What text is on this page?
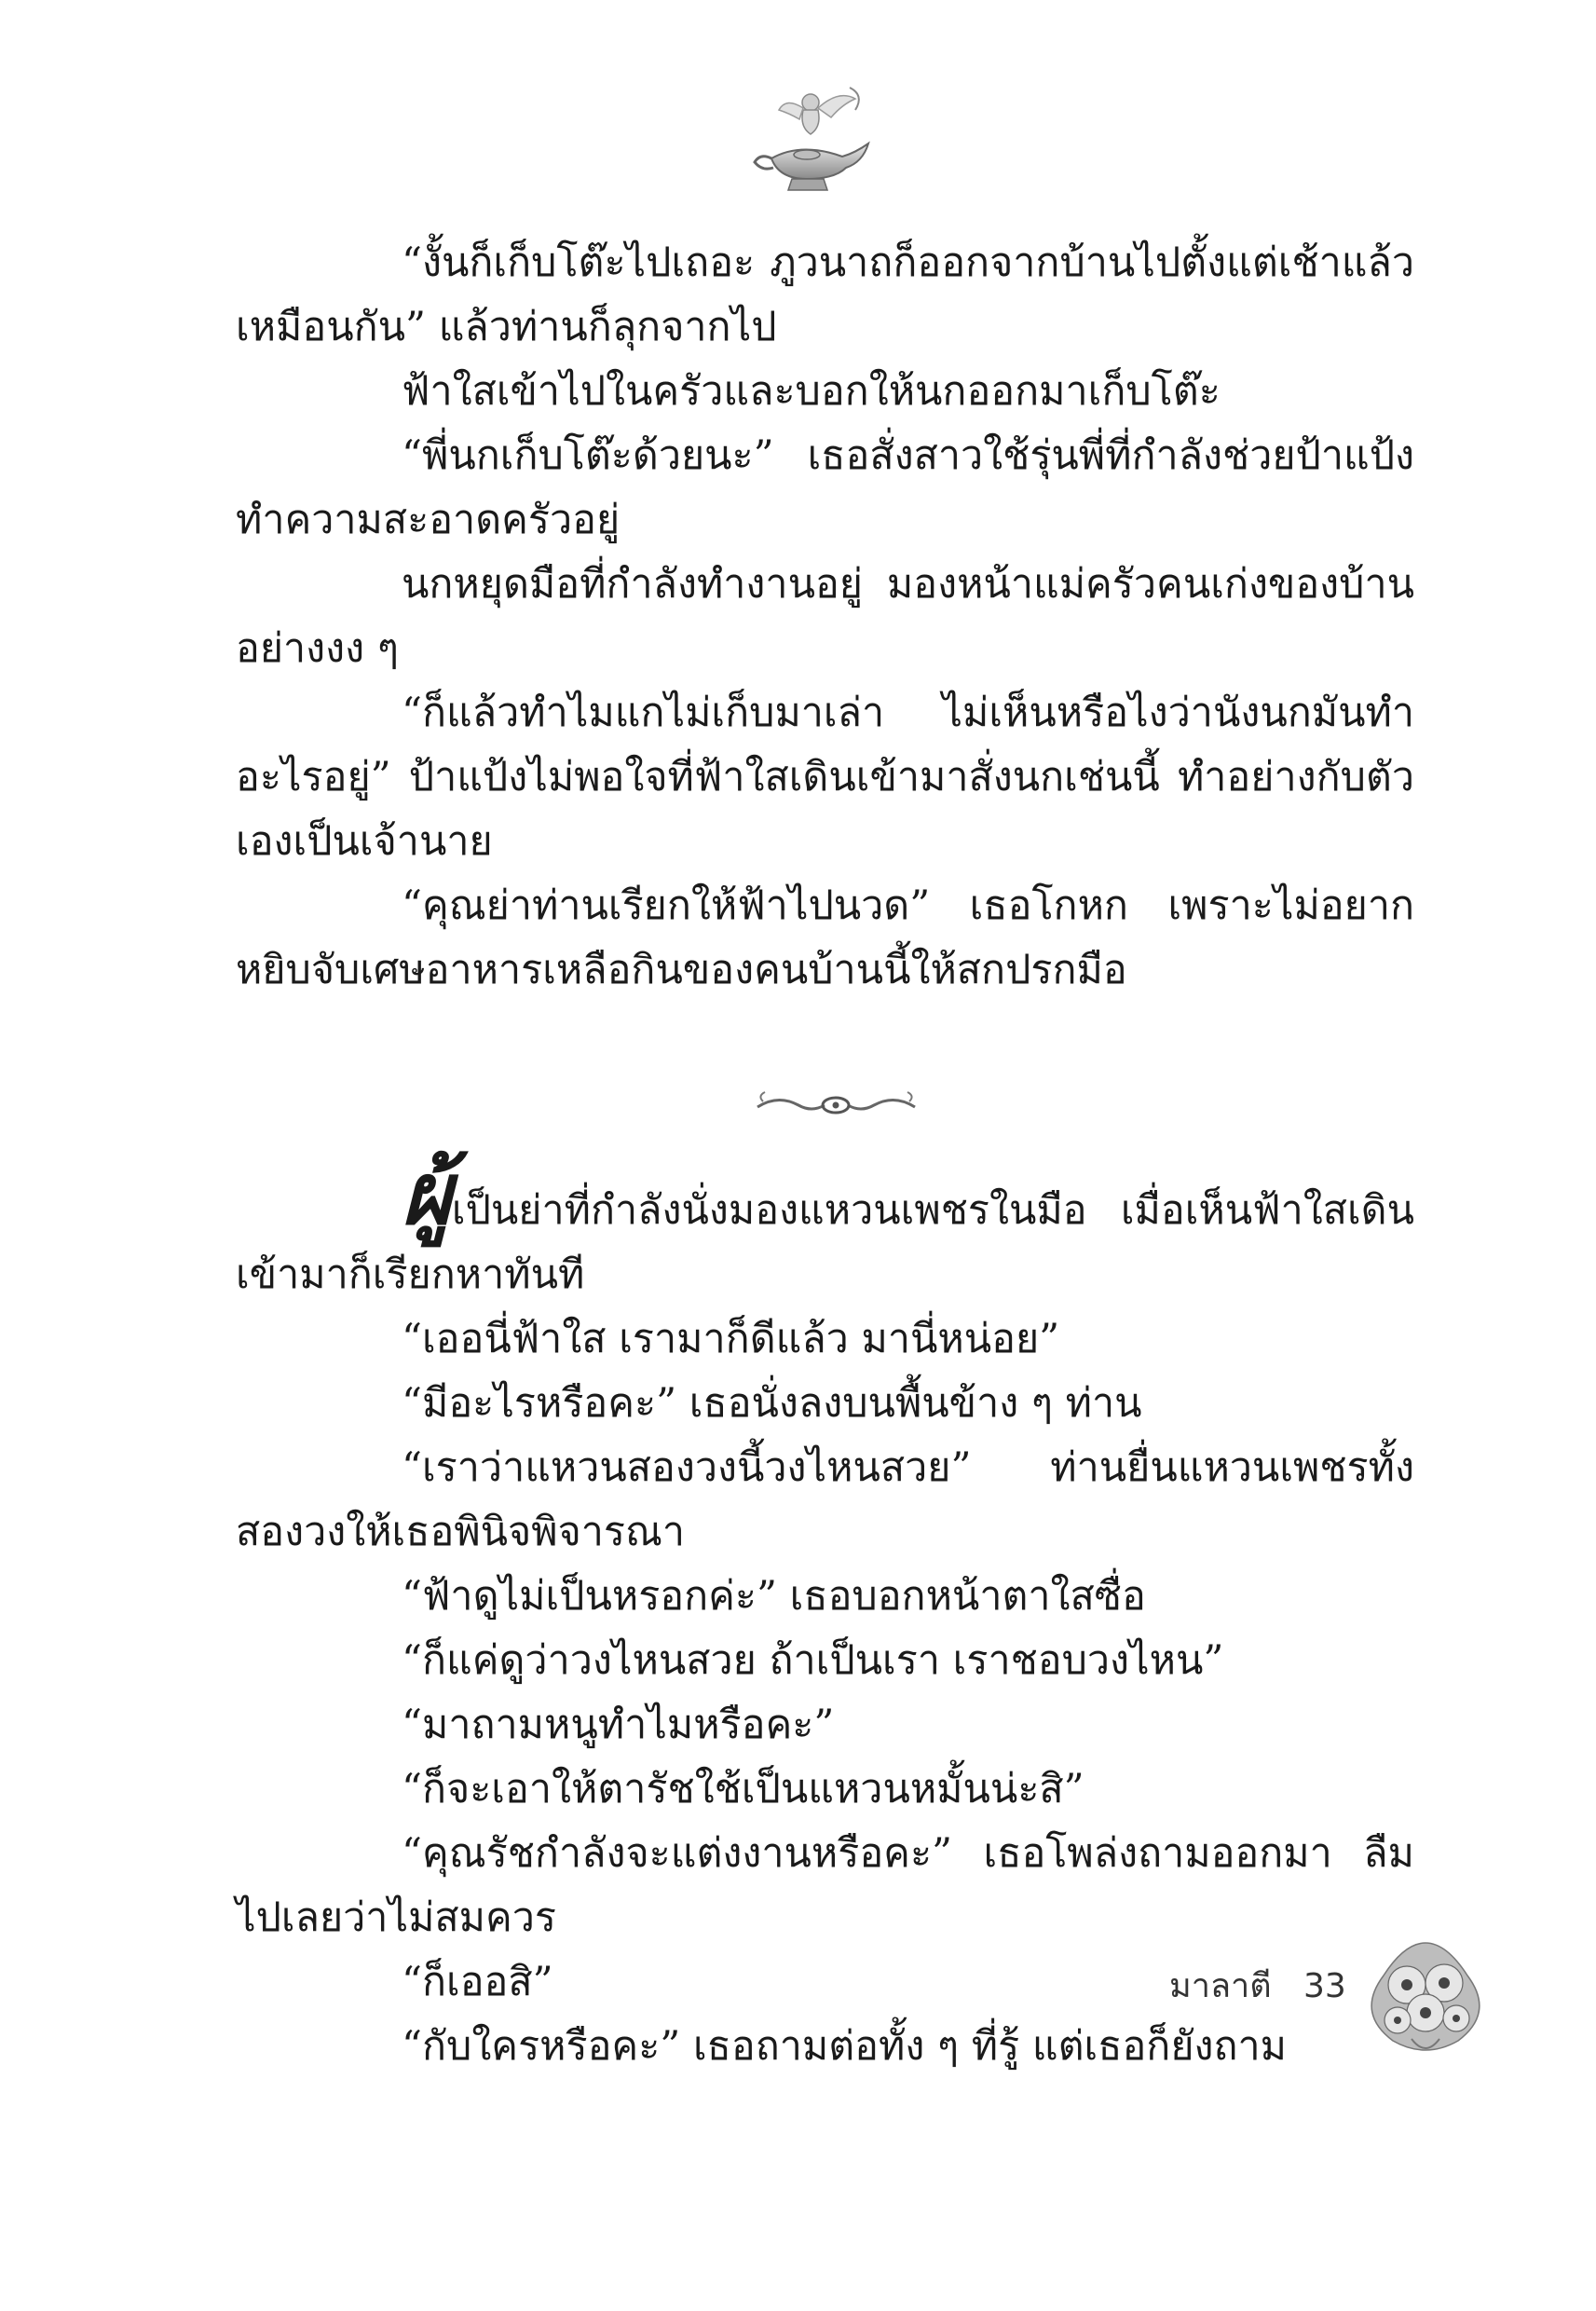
“งั้นก็เก็บโต๊ะไปเถอะ ภูวนาถก็ออกจากบ้านไปตั้งแต่เช้าแล้วเหมือนกัน” แล้วท่านก็ลุกจากไป

ฟ้าใสเข้าไปในครัวและบอกให้นกออกมาเก็บโต๊ะ

“พี่นกเก็บโต๊ะด้วยนะ” เธอสั่งสาวใช้รุ่นพี่ที่กำลังช่วยป้าแป้งทำความสะอาดครัวอยู่

นกหยุดมือที่กำลังทำงานอยู่ มองหน้าแม่ครัวคนเก่งของบ้านอย่างงง ๆ

“ก็แล้วทำไมแกไม่เก็บมาเล่า ไม่เห็นหรือไงว่านังนกมันทำอะไรอยู่” ป้าแป้งไม่พอใจที่ฟ้าใสเดินเข้ามาสั่งนกเช่นนี้ ทำอย่างกับตัวเองเป็นเจ้านาย

“คุณย่าท่านเรียกให้ฟ้าไปนวด” เธอโกหก เพราะไม่อยากหยิบจับเศษอาหารเหลือกินของคนบ้านนี้ให้สกปรกมือ

ผู้เป็นย่าที่กำลังนั่งมองแหวนเพชรในมือ เมื่อเห็นฟ้าใสเดินเข้ามาก็เรียกหาทันที

“เออนี่ฟ้าใส เรามาก็ดีแล้ว มานี่หน่อย”

“มีอะไรหรือคะ” เธอนั่งลงบนพื้นข้าง ๆ ท่าน

“เราว่าแหวนสองวงนี้วงไหนสวย” ท่านยื่นแหวนเพชรทั้งสองวงให้เธอพินิจพิจารณา

“ฟ้าดูไม่เป็นหรอกค่ะ” เธอบอกหน้าตาใสซื่อ

“ก็แค่ดูว่าวงไหนสวย ถ้าเป็นเรา เราชอบวงไหน”

“มาถามหนูทำไมหรือคะ”

“ก็จะเอาให้ตารัชใช้เป็นแหวนหมั้นน่ะสิ”

“คุณรัชกำลังจะแต่งงานหรือคะ” เธอโพล่งถามออกมา ลืมไปเลยว่าไม่สมควร

“ก็เออสิ”

“กับใครหรือคะ” เธอถามต่อทั้ง ๆ ที่รู้ แต่เธอก็ยังถาม

มาลาตี 33
